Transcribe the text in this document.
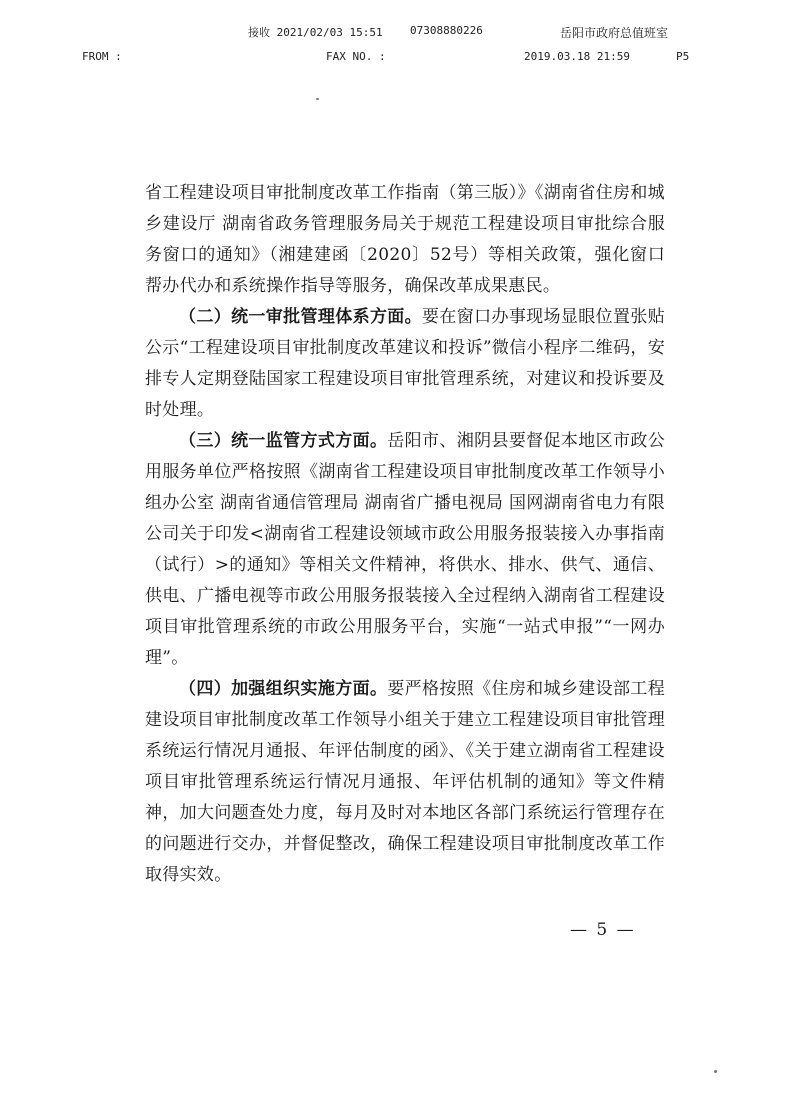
接收 2021/02/03 15:51 07308880226	岳阳市政府总值班室
FROM :	FAX NO. :	2019.03.18 21:59	P5

省工程建设项目审批制度改革工作指南（第三版）》《湖南省住房和城乡建设厅 湖南省政务管理服务局关于规范工程建设项目审批综合服务窗口的通知》（湘建建函〔2020〕52号）等相关政策，强化窗口帮办代办和系统操作指导等服务，确保改革成果惠民。

（二）统一审批管理体系方面。要在窗口办事现场显眼位置张贴公示“工程建设项目审批制度改革建议和投诉”微信小程序二维码，安排专人定期登陆国家工程建设项目审批管理系统，对建议和投诉要及时处理。

（三）统一监管方式方面。岳阳市、湘阴县要督促本地区市政公用服务单位严格按照《湖南省工程建设项目审批制度改革工作领导小组办公室 湖南省通信管理局 湖南省广播电视局 国网湖南省电力有限公司关于印发<湖南省工程建设领域市政公用服务报装接入办事指南（试行）>的通知》等相关文件精神，将供水、排水、供气、通信、供电、广播电视等市政公用服务报装接入全过程纳入湖南省工程建设项目审批管理系统的市政公用服务平台，实施“一站式申报”“一网办理”。

（四）加强组织实施方面。要严格按照《住房和城乡建设部工程建设项目审批制度改革工作领导小组关于建立工程建设项目审批管理系统运行情况月通报、年评估制度的函》、《关于建立湖南省工程建设项目审批管理系统运行情况月通报、年评估机制的通知》等文件精神，加大问题查处力度，每月及时对本地区各部门系统运行管理存在的问题进行交办，并督促整改，确保工程建设项目审批制度改革工作取得实效。

— 5 —
